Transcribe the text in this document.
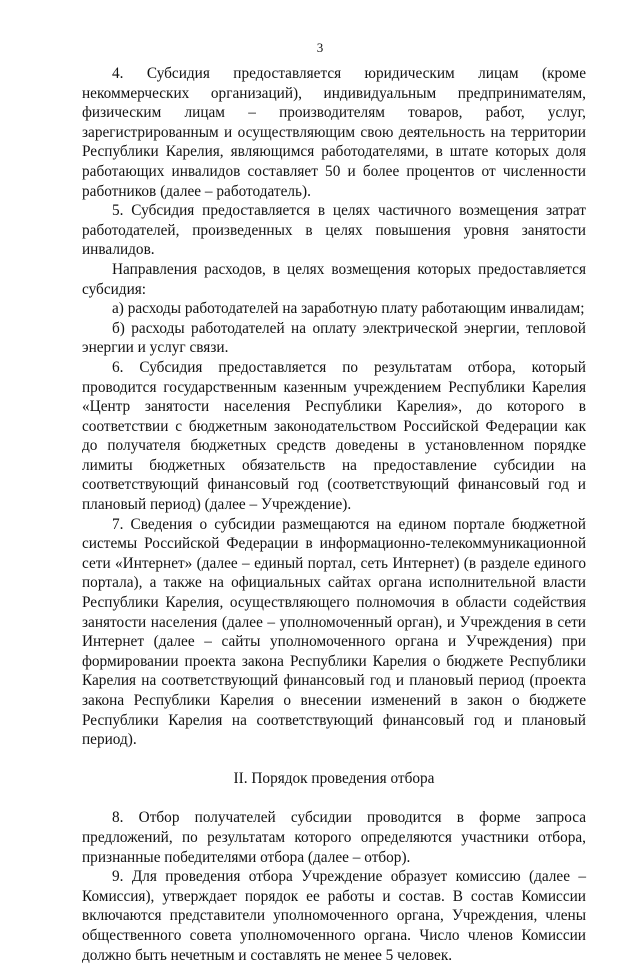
3

4. Субсидия предоставляется юридическим лицам (кроме некоммерческих организаций), индивидуальным предпринимателям, физическим лицам – производителям товаров, работ, услуг, зарегистрированным и осуществляющим свою деятельность на территории Республики Карелия, являющимся работодателями, в штате которых доля работающих инвалидов составляет 50 и более процентов от численности работников (далее – работодатель).

5. Субсидия предоставляется в целях частичного возмещения затрат работодателей, произведенных в целях повышения уровня занятости инвалидов.

Направления расходов, в целях возмещения которых предоставляется субсидия:

а) расходы работодателей на заработную плату работающим инвалидам;

б) расходы работодателей на оплату электрической энергии, тепловой энергии и услуг связи.

6. Субсидия предоставляется по результатам отбора, который проводится государственным казенным учреждением Республики Карелия «Центр занятости населения Республики Карелия», до которого в соответствии с бюджетным законодательством Российской Федерации как до получателя бюджетных средств доведены в установленном порядке лимиты бюджетных обязательств на предоставление субсидии на соответствующий финансовый год (соответствующий финансовый год и плановый период) (далее – Учреждение).

7. Сведения о субсидии размещаются на едином портале бюджетной системы Российской Федерации в информационно-телекоммуникационной сети «Интернет» (далее – единый портал, сеть Интернет) (в разделе единого портала), а также на официальных сайтах органа исполнительной власти Республики Карелия, осуществляющего полномочия в области содействия занятости населения (далее – уполномоченный орган), и Учреждения в сети Интернет (далее – сайты уполномоченного органа и Учреждения) при формировании проекта закона Республики Карелия о бюджете Республики Карелия на соответствующий финансовый год и плановый период (проекта закона Республики Карелия о внесении изменений в закон о бюджете Республики Карелия на соответствующий финансовый год и плановый период).

II. Порядок проведения отбора

8. Отбор получателей субсидии проводится в форме запроса предложений, по результатам которого определяются участники отбора, признанные победителями отбора (далее – отбор).

9. Для проведения отбора Учреждение образует комиссию (далее – Комиссия), утверждает порядок ее работы и состав. В состав Комиссии включаются представители уполномоченного органа, Учреждения, члены общественного совета уполномоченного органа. Число членов Комиссии должно быть нечетным и составлять не менее 5 человек.
